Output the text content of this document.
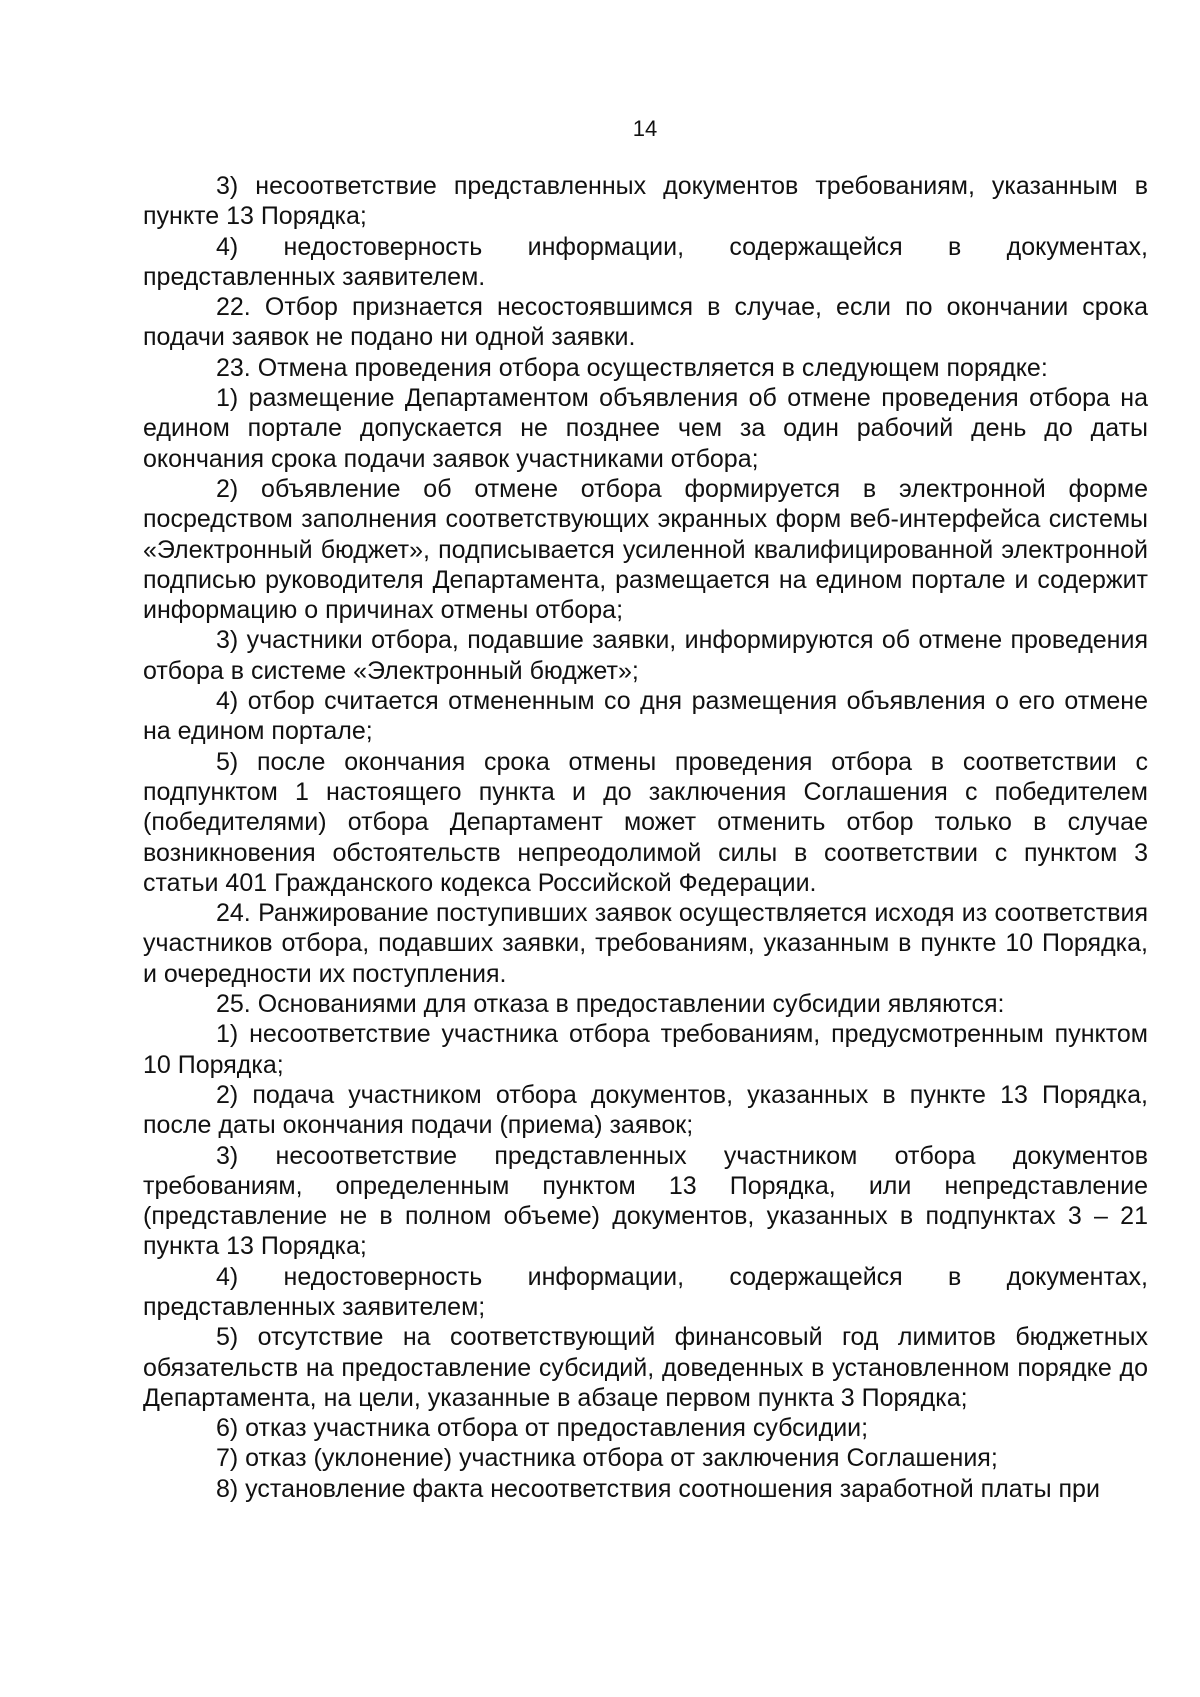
14

3) несоответствие представленных документов требованиям, указанным в пункте 13 Порядка;

4) недостоверность информации, содержащейся в документах, представленных заявителем.

22. Отбор признается несостоявшимся в случае, если по окончании срока подачи заявок не подано ни одной заявки.

23. Отмена проведения отбора осуществляется в следующем порядке:

1) размещение Департаментом объявления об отмене проведения отбора на едином портале допускается не позднее чем за один рабочий день до даты окончания срока подачи заявок участниками отбора;

2) объявление об отмене отбора формируется в электронной форме посредством заполнения соответствующих экранных форм веб-интерфейса системы «Электронный бюджет», подписывается усиленной квалифицированной электронной подписью руководителя Департамента, размещается на едином портале и содержит информацию о причинах отмены отбора;

3) участники отбора, подавшие заявки, информируются об отмене проведения отбора в системе «Электронный бюджет»;

4) отбор считается отмененным со дня размещения объявления о его отмене на едином портале;

5) после окончания срока отмены проведения отбора в соответствии с подпунктом 1 настоящего пункта и до заключения Соглашения с победителем (победителями) отбора Департамент может отменить отбор только в случае возникновения обстоятельств непреодолимой силы в соответствии с пунктом 3 статьи 401 Гражданского кодекса Российской Федерации.

24. Ранжирование поступивших заявок осуществляется исходя из соответствия участников отбора, подавших заявки, требованиям, указанным в пункте 10 Порядка, и очередности их поступления.

25. Основаниями для отказа в предоставлении субсидии являются:

1) несоответствие участника отбора требованиям, предусмотренным пунктом 10 Порядка;

2) подача участником отбора документов, указанных в пункте 13 Порядка, после даты окончания подачи (приема) заявок;

3) несоответствие представленных участником отбора документов требованиям, определенным пунктом 13 Порядка, или непредставление (представление не в полном объеме) документов, указанных в подпунктах 3 – 21 пункта 13 Порядка;

4) недостоверность информации, содержащейся в документах, представленных заявителем;

5) отсутствие на соответствующий финансовый год лимитов бюджетных обязательств на предоставление субсидий, доведенных в установленном порядке до Департамента, на цели, указанные в абзаце первом пункта 3 Порядка;

6) отказ участника отбора от предоставления субсидии;

7) отказ (уклонение) участника отбора от заключения Соглашения;

8) установление факта несоответствия соотношения заработной платы при
